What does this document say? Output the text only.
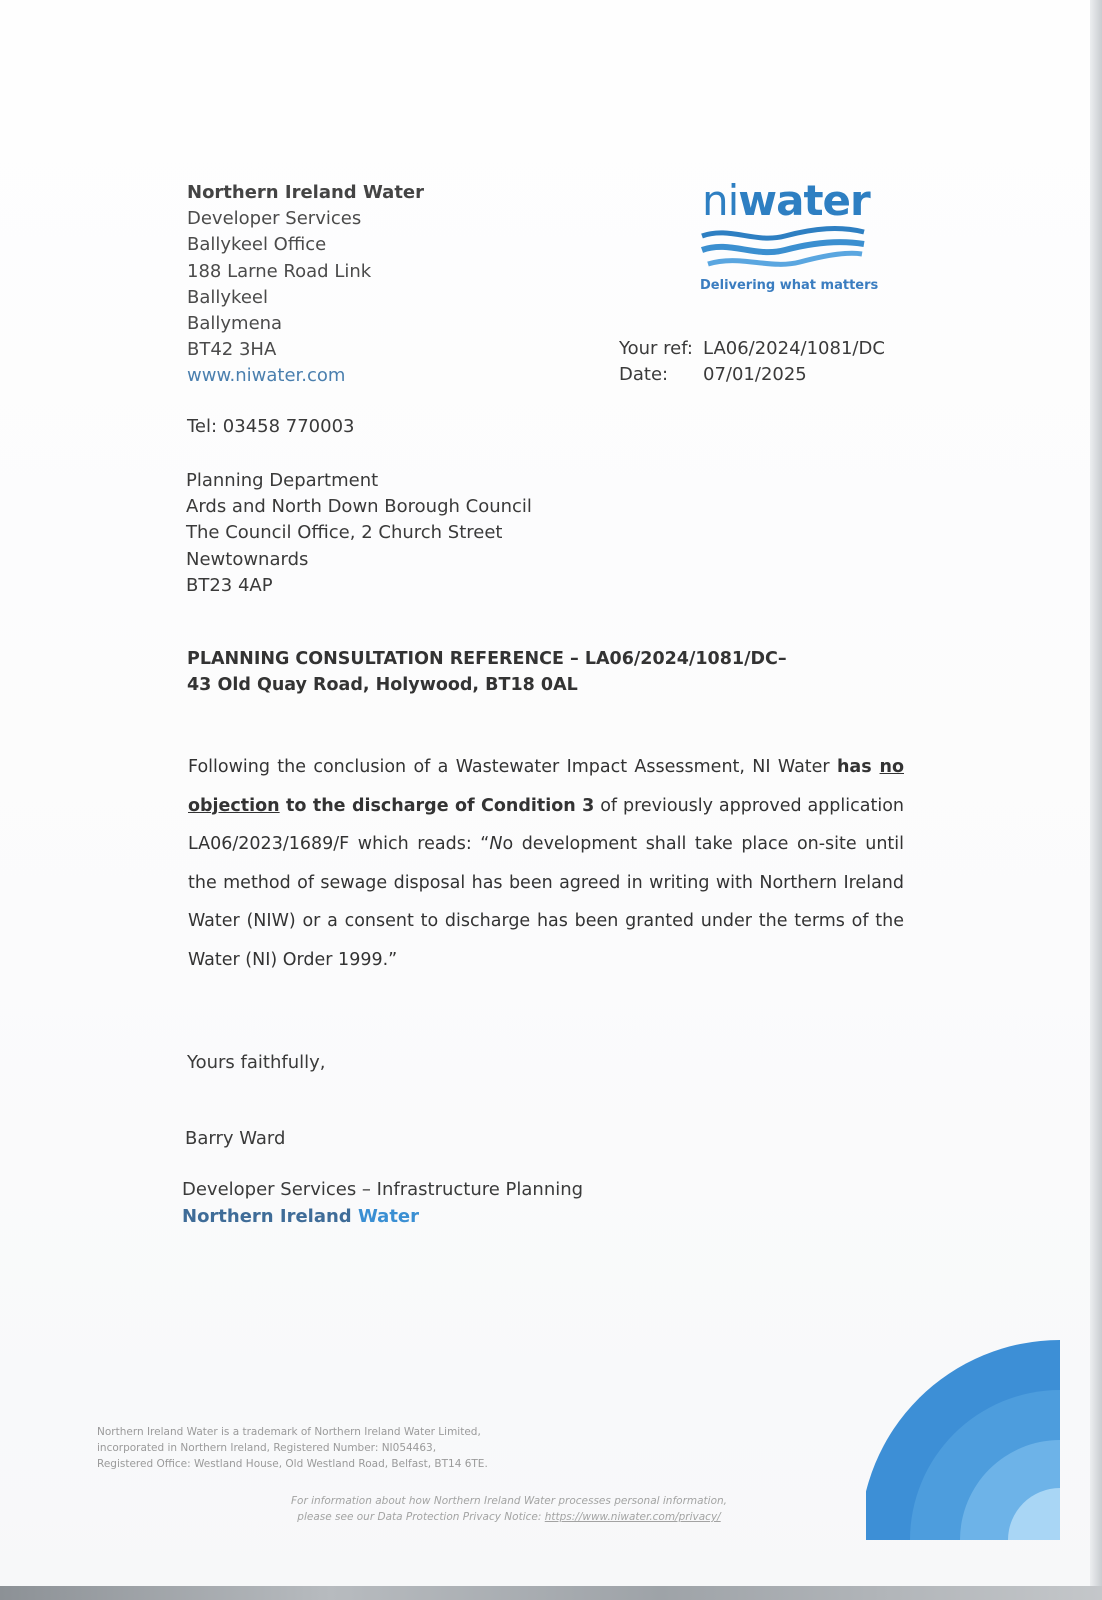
Northern Ireland Water
Developer Services
Ballykeel Office
188 Larne Road Link
Ballykeel
Ballymena
BT42 3HA
www.niwater.com
niwater
Delivering what matters
Your ref: LA06/2024/1081/DC
Date: 07/01/2025
Tel: 03458 770003
Planning Department
Ards and North Down Borough Council
The Council Office, 2 Church Street
Newtownards
BT23 4AP
PLANNING CONSULTATION REFERENCE – LA06/2024/1081/DC–
43 Old Quay Road, Holywood, BT18 0AL
Following the conclusion of a Wastewater Impact Assessment, NI Water has no objection to the discharge of Condition 3 of previously approved application LA06/2023/1689/F which reads: “No development shall take place on-site until the method of sewage disposal has been agreed in writing with Northern Ireland Water (NIW) or a consent to discharge has been granted under the terms of the Water (NI) Order 1999.”
Yours faithfully,
Barry Ward
Developer Services – Infrastructure Planning
Northern Ireland Water
Northern Ireland Water is a trademark of Northern Ireland Water Limited,
incorporated in Northern Ireland, Registered Number: NI054463,
Registered Office: Westland House, Old Westland Road, Belfast, BT14 6TE.
For information about how Northern Ireland Water processes personal information,
please see our Data Protection Privacy Notice: https://www.niwater.com/privacy/
